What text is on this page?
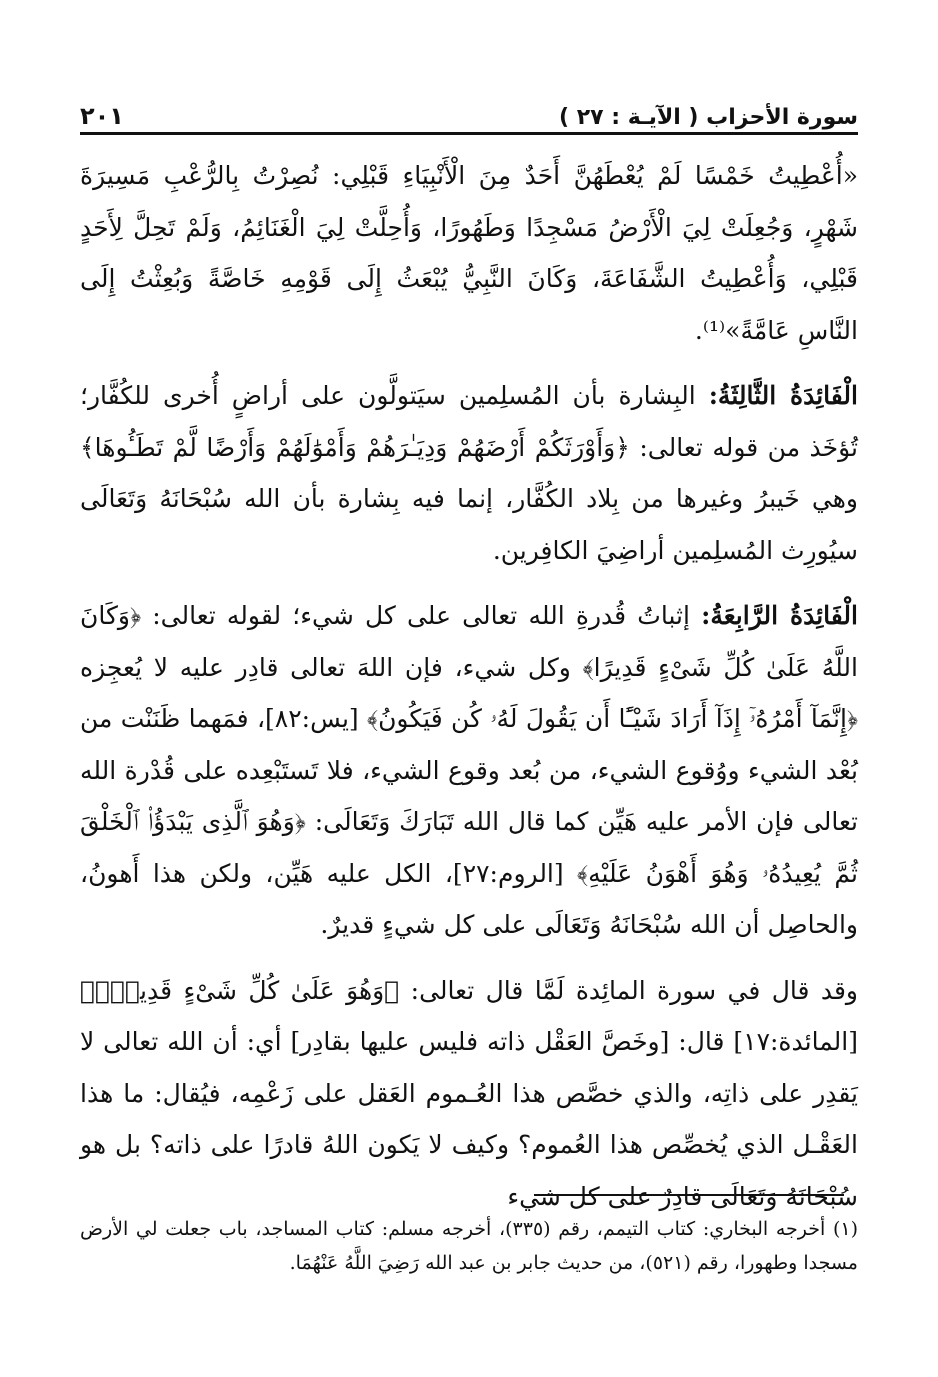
سورة الأحزاب ( الآيـة : ٢٧ )
٢٠١

«أُعْطِيتُ خَمْسًا لَمْ يُعْطَهُنَّ أَحَدٌ مِنَ الْأَنْبِيَاءِ قَبْلِي: نُصِرْتُ بِالرُّعْبِ مَسِيرَةَ شَهْرٍ، وَجُعِلَتْ لِيَ الْأَرْضُ مَسْجِدًا وَطَهُورًا، وَأُحِلَّتْ لِيَ الْغَنَائِمُ، وَلَمْ تَحِلَّ لِأَحَدٍ قَبْلِي، وَأُعْطِيتُ الشَّفَاعَةَ، وَكَانَ النَّبِيُّ يُبْعَثُ إِلَى قَوْمِهِ خَاصَّةً وَبُعِثْتُ إِلَى النَّاسِ عَامَّةً»⁽¹⁾.

الْفَائِدَةُ الثَّالِثَةُ: البِشارة بأن المُسلِمين سيَتولَّون على أراضٍ أُخرى للكُفَّار؛ تُؤخَذ من قوله تعالى: ﴿وَأَوْرَثَكُمْ أَرْضَهُمْ وَدِيَـٰرَهُمْ وَأَمْوَٰلَهُمْ وَأَرْضًا لَّمْ تَطَـُٔوهَا﴾ وهي خَيبرُ وغيرها من بِلاد الكُفَّار، إنما فيه بِشارة بأن الله سُبْحَانَهُ وَتَعَالَى سيُورِث المُسلِمين أراضِيَ الكافِرين.

الْفَائِدَةُ الرَّابِعَةُ: إثباتُ قُدرةِ الله تعالى على كل شيء؛ لقوله تعالى: ﴿وَكَانَ اللَّهُ عَلَىٰ كُلِّ شَىْءٍ قَدِيرًا﴾ وكل شيء، فإن اللهَ تعالى قادِر عليه لا يُعجِزه ﴿إِنَّمَآ أَمْرُهُۥٓ إِذَآ أَرَادَ شَيْـًٔا أَن يَقُولَ لَهُۥ كُن فَيَكُونُ﴾ [يس:٨٢]، فمَهما ظَنَنْت من بُعْد الشيء ووُقوع الشيء، من بُعد وقوع الشيء، فلا تَستَبْعِده على قُدْرة الله تعالى فإن الأمر عليه هَيِّن كما قال الله تَبَارَكَ وَتَعَالَى: ﴿وَهُوَ ٱلَّذِى يَبْدَؤُا۟ ٱلْخَلْقَ ثُمَّ يُعِيدُهُۥ وَهُوَ أَهْوَنُ عَلَيْهِ﴾ [الروم:٢٧]، الكل عليه هَيِّن، ولكن هذا أَهونُ، والحاصِل أن الله سُبْحَانَهُ وَتَعَالَى على كل شيءٍ قديرٌ.

وقد قال في سورة المائِدة لَمَّا قال تعالى: ﴿وَهُوَ عَلَىٰ كُلِّ شَىْءٍ قَدِيرٌۢ﴾ [المائدة:١٧] قال: [وخَصَّ العَقْل ذاته فليس عليها بقادِر] أي: أن الله تعالى لا يَقدِر على ذاتِه، والذي خصَّص هذا العُـموم العَقل على زَعْمِه، فيُقال: ما هذا العَقْـل الذي يُخصِّص هذا العُموم؟ وكيف لا يَكون اللهُ قادرًا على ذاته؟ بل هو سُبْحَانَهُ وَتَعَالَى قادِرٌ على كل شيء

(١) أخرجه البخاري: كتاب التيمم، رقم (٣٣٥)، أخرجه مسلم: كتاب المساجد، باب جعلت لي الأرض مسجدا وطهورا، رقم (٥٢١)، من حديث جابر بن عبد الله رَضِيَ اللَّهُ عَنْهُمَا.
